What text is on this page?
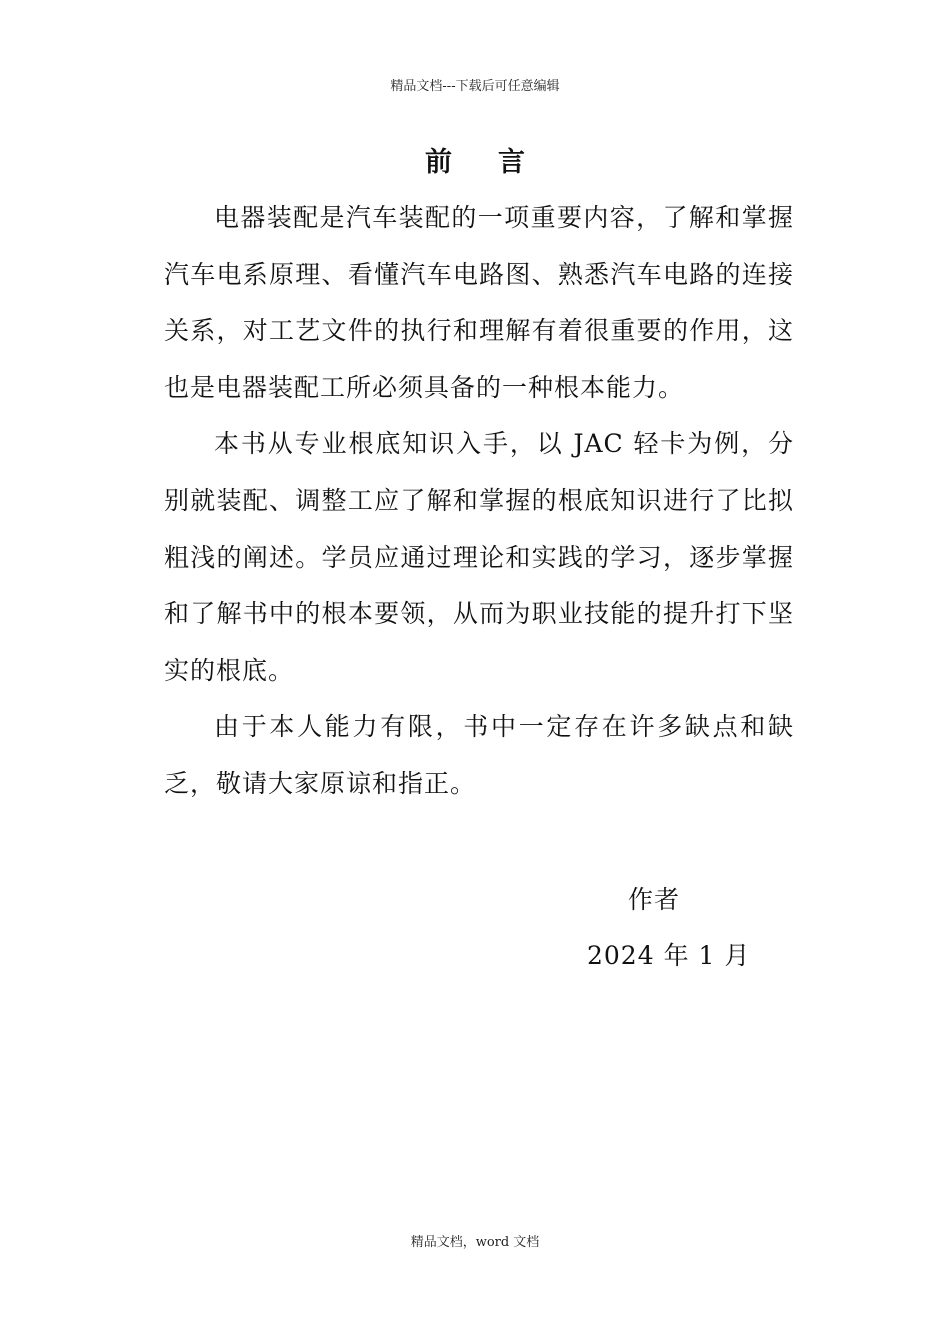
精品文档---下载后可任意编辑
前 言

电器装配是汽车装配的一项重要内容，了解和掌握汽车电系原理、看懂汽车电路图、熟悉汽车电路的连接关系，对工艺文件的执行和理解有着很重要的作用，这也是电器装配工所必须具备的一种根本能力。

本书从专业根底知识入手，以 JAC 轻卡为例，分别就装配、调整工应了解和掌握的根底知识进行了比拟粗浅的阐述。学员应通过理论和实践的学习，逐步掌握和了解书中的根本要领，从而为职业技能的提升打下坚实的根底。

由于本人能力有限，书中一定存在许多缺点和缺乏，敬请大家原谅和指正。

作者
2024 年 1 月
精品文档，word 文档
